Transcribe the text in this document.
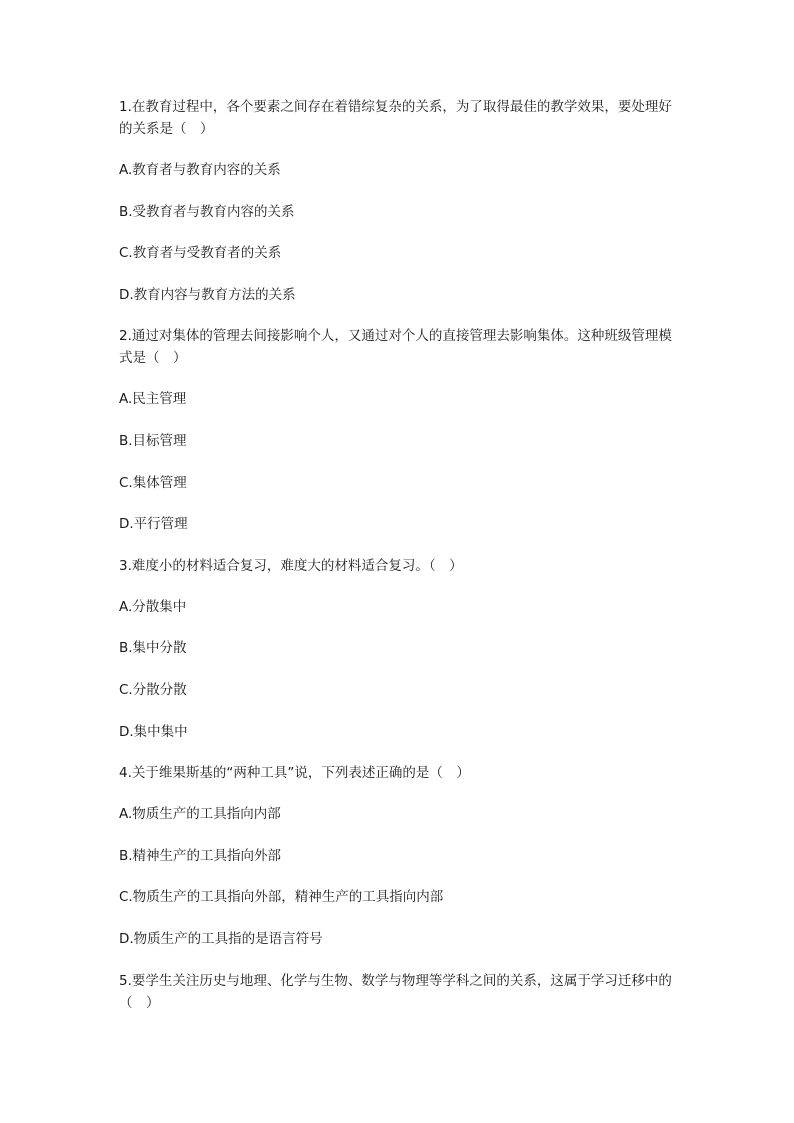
1.在教育过程中，各个要素之间存在着错综复杂的关系，为了取得最佳的教学效果，要处理好的关系是（　）

A.教育者与教育内容的关系

B.受教育者与教育内容的关系

C.教育者与受教育者的关系

D.教育内容与教育方法的关系

2.通过对集体的管理去间接影响个人，又通过对个人的直接管理去影响集体。这种班级管理模式是（　）

A.民主管理

B.目标管理

C.集体管理

D.平行管理

3.难度小的材料适合复习，难度大的材料适合复习。（　）

A.分散集中

B.集中分散

C.分散分散

D.集中集中

4.关于维果斯基的“两种工具”说，下列表述正确的是（　）

A.物质生产的工具指向内部

B.精神生产的工具指向外部

C.物质生产的工具指向外部，精神生产的工具指向内部

D.物质生产的工具指的是语言符号

5.要学生关注历史与地理、化学与生物、数学与物理等学科之间的关系，这属于学习迁移中的（　）
